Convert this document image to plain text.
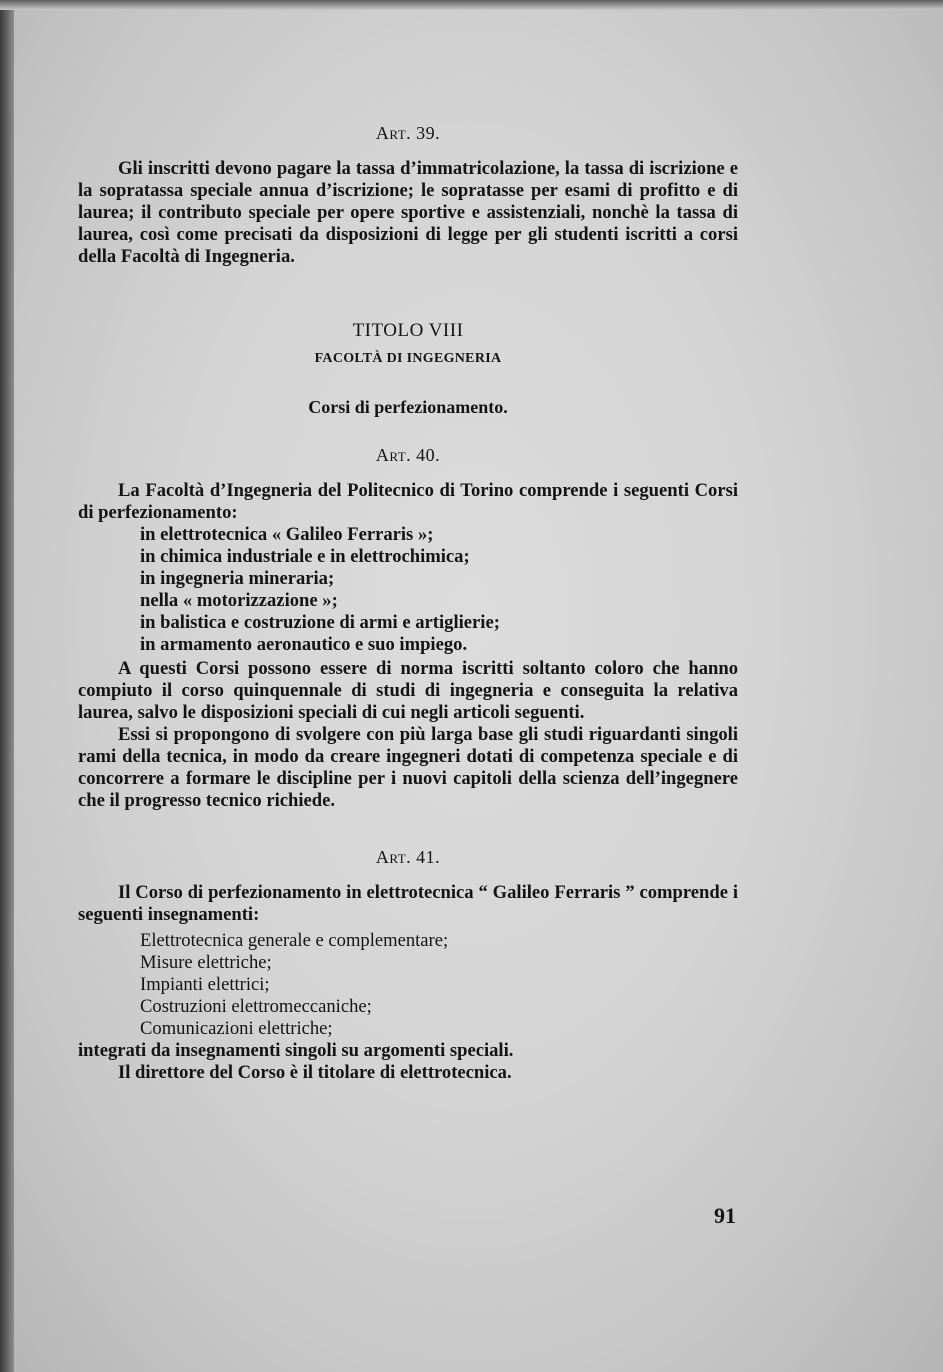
Art. 39.

Gli inscritti devono pagare la tassa d’immatricolazione, la tassa di iscrizione e la sopratassa speciale annua d’iscrizione; le sopratasse per esami di profitto e di laurea; il contributo speciale per opere sportive e assistenziali, nonchè la tassa di laurea, così come precisati da disposizioni di legge per gli studenti iscritti a corsi della Facoltà di Ingegneria.

TITOLO VIII
FACOLTÀ DI INGEGNERIA
Corsi di perfezionamento.
Art. 40.

La Facoltà d’Ingegneria del Politecnico di Torino comprende i seguenti Corsi di perfezionamento:

in elettrotecnica « Galileo Ferraris »;
in chimica industriale e in elettrochimica;
in ingegneria mineraria;
nella « motorizzazione »;
in balistica e costruzione di armi e artiglierie;
in armamento aeronautico e suo impiego.

A questi Corsi possono essere di norma iscritti soltanto coloro che hanno compiuto il corso quinquennale di studi di ingegneria e conseguita la relativa laurea, salvo le disposizioni speciali di cui negli articoli seguenti.

Essi si propongono di svolgere con più larga base gli studi riguardanti singoli rami della tecnica, in modo da creare ingegneri dotati di competenza speciale e di concorrere a formare le discipline per i nuovi capitoli della scienza dell’ingegnere che il progresso tecnico richiede.

Art. 41.

Il Corso di perfezionamento in elettrotecnica “ Galileo Ferraris ” comprende i seguenti insegnamenti:

Elettrotecnica generale e complementare;
Misure elettriche;
Impianti elettrici;
Costruzioni elettromeccaniche;
Comunicazioni elettriche;

integrati da insegnamenti singoli su argomenti speciali.

Il direttore del Corso è il titolare di elettrotecnica.

91
